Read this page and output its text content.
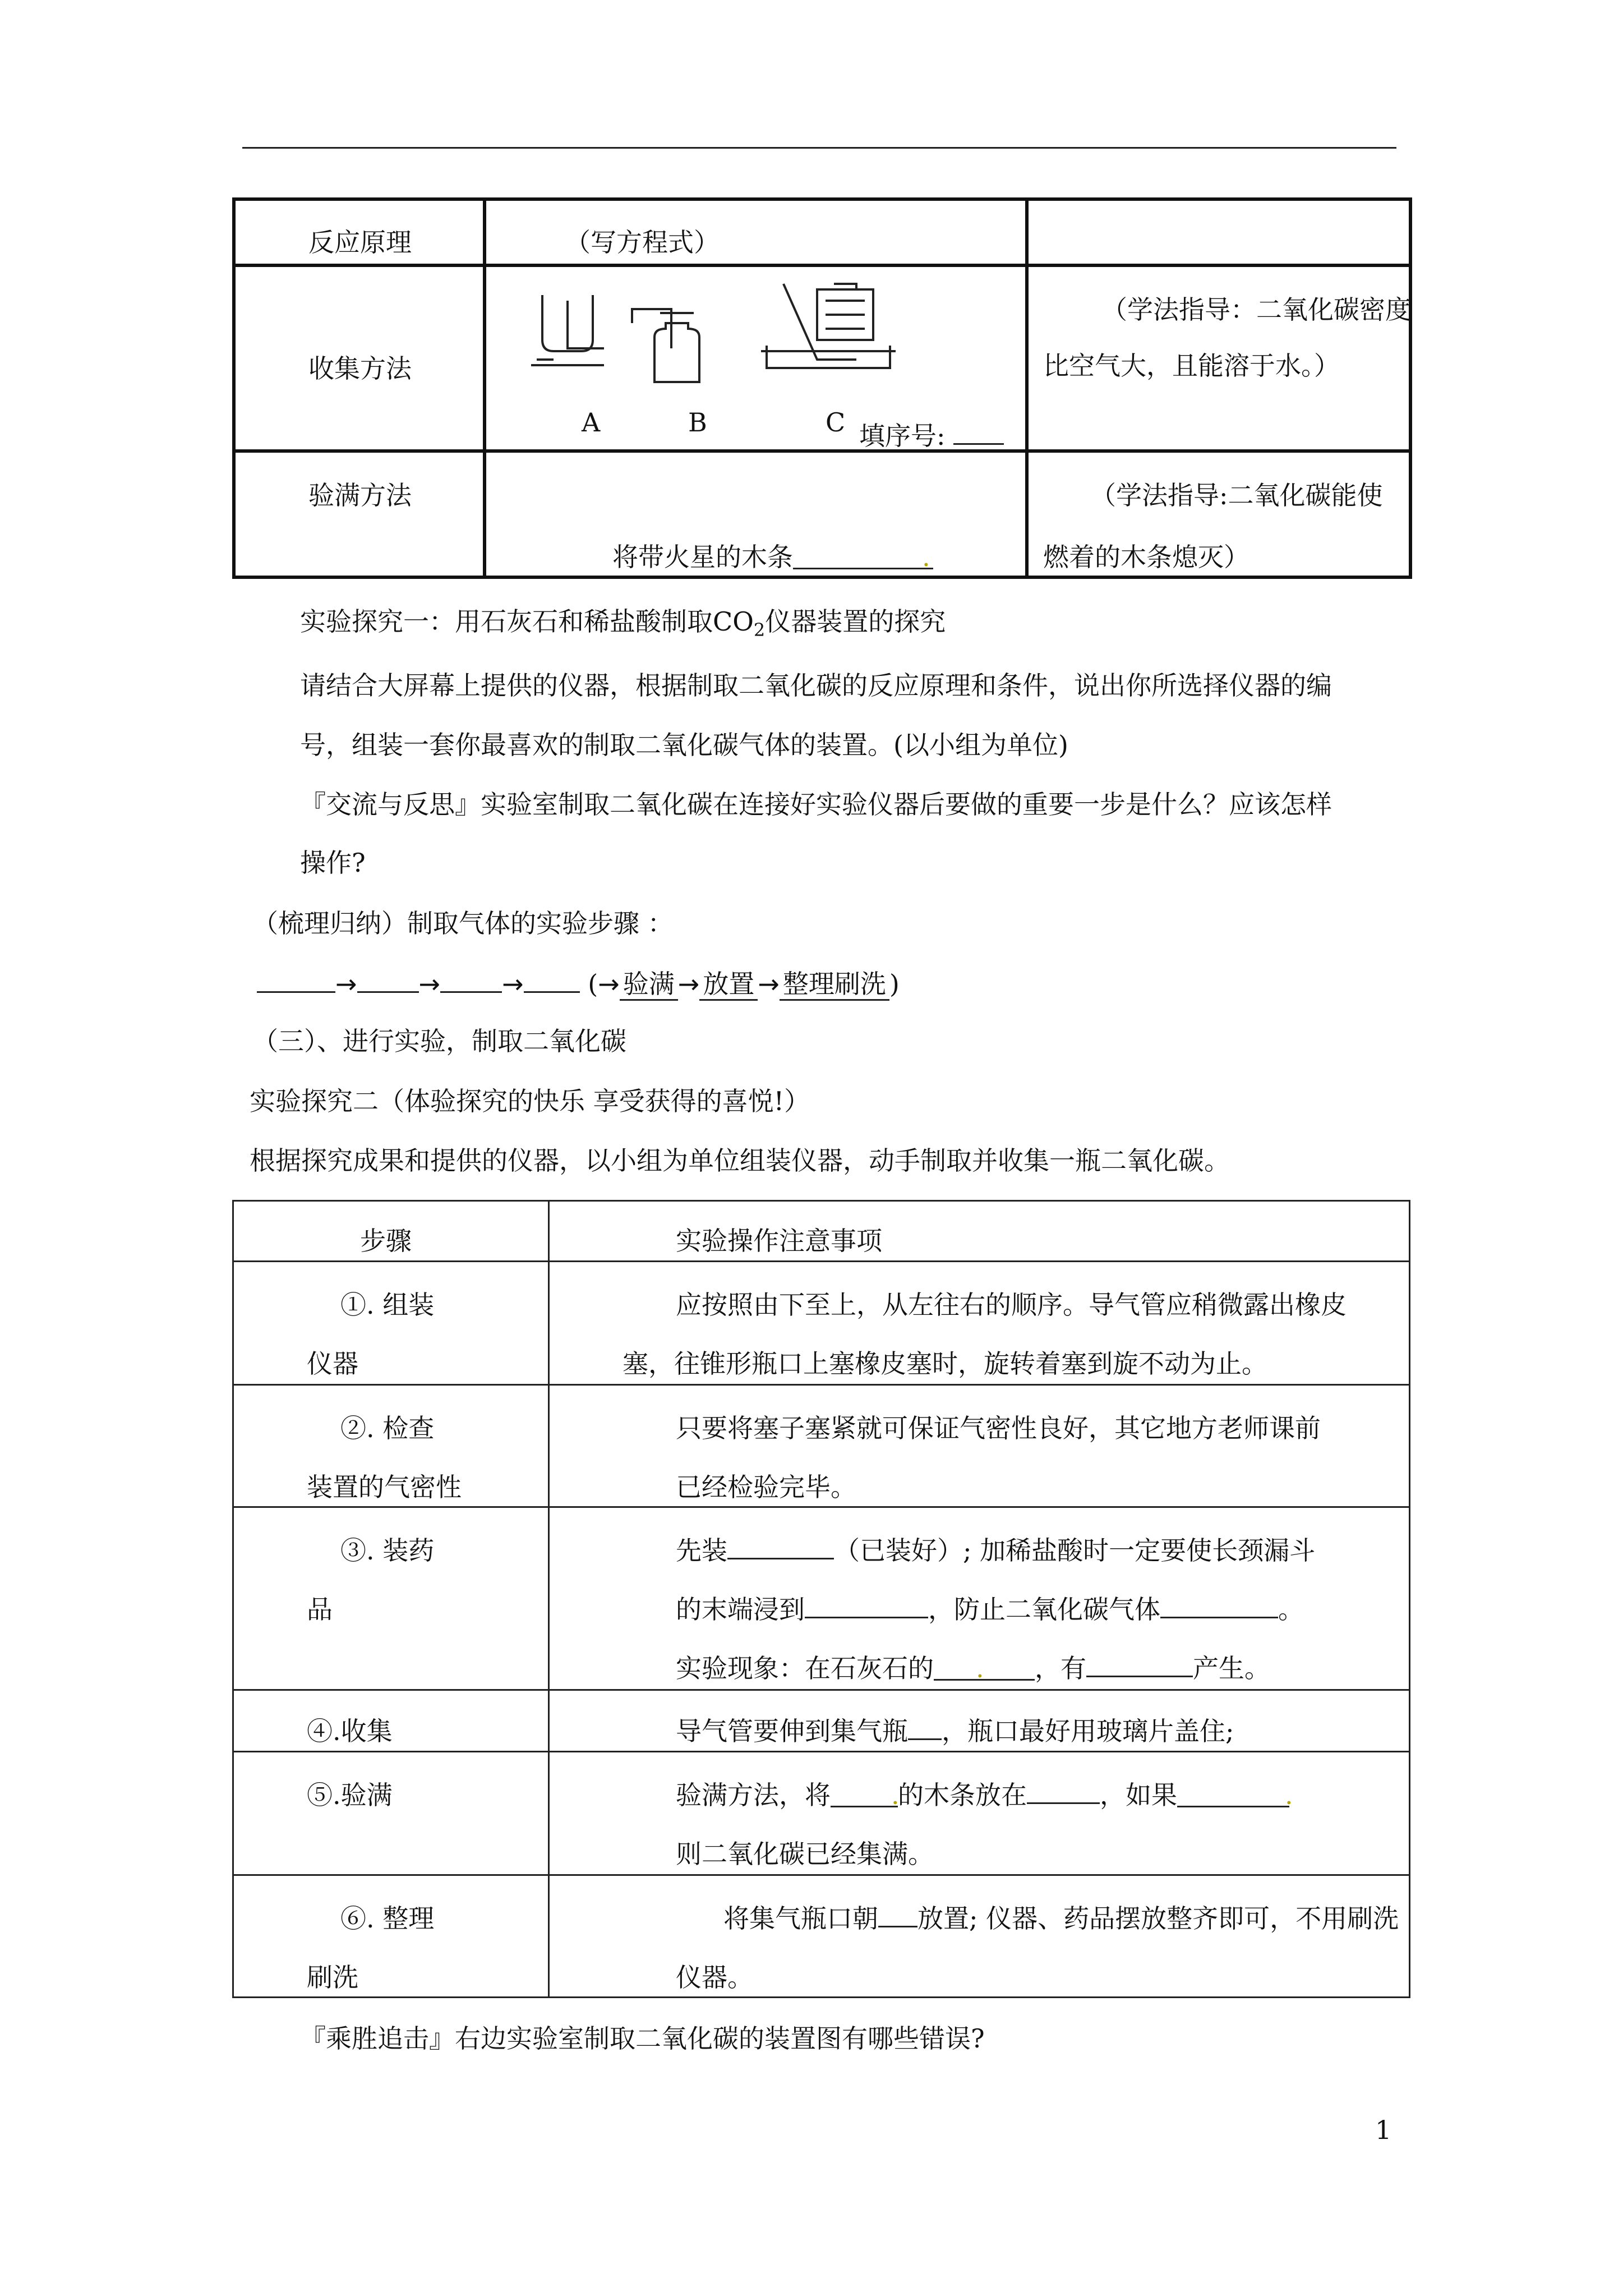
反应原理	（写方程式）	

收集方法	A B C 填序号:	（学法指导：二氧化碳密度
比空气大，且能溶于水。）

验满方法	将带火星的木条 .	（学法指导:二氧化碳能使
燃着的木条熄灭）
实验探究一：用石灰石和稀盐酸制取$CO_2$仪器装置的探究
请结合大屏幕上提供的仪器，根据制取二氧化碳的反应原理和条件，说出你所选择仪器的编
号，组装一套你最喜欢的制取二氧化碳气体的装置。(以小组为单位)
『交流与反思』实验室制取二氧化碳在连接好实验仪器后要做的重要一步是什么？应该怎样
操作?
（梳理归纳）制取气体的实验步骤 ：
→ → → (→ 验满 → 放置 → 整理刷洗 )
（三）、进行实验，制取二氧化碳
实验探究二（体验探究的快乐 享受获得的喜悦!）
根据探究成果和提供的仪器，以小组为单位组装仪器，动手制取并收集一瓶二氧化碳。
步骤	实验操作注意事项

①. 组装
仪器	应按照由下至上，从左往右的顺序。导气管应稍微露出橡皮
塞，往锥形瓶口上塞橡皮塞时，旋转着塞到旋不动为止。

②. 检查
装置的气密性	只要将塞子塞紧就可保证气密性良好，其它地方老师课前
已经检验完毕。

③. 装药
品	先装 （已装好）; 加稀盐酸时一定要使长颈漏斗
的末端浸到 ，防止二氧化碳气体 。
实验现象：在石灰石的 . ，有 产生。

④.收集	导气管要伸到集气瓶 ，瓶口最好用玻璃片盖住;

⑤.验满	验满方法，将 .的木条放在 ，如果 .
则二氧化碳已经集满。

⑥. 整理
刷洗	将集气瓶口朝 放置; 仪器、药品摆放整齐即可，不用刷洗
仪器。
『乘胜追击』右边实验室制取二氧化碳的装置图有哪些错误?
1
